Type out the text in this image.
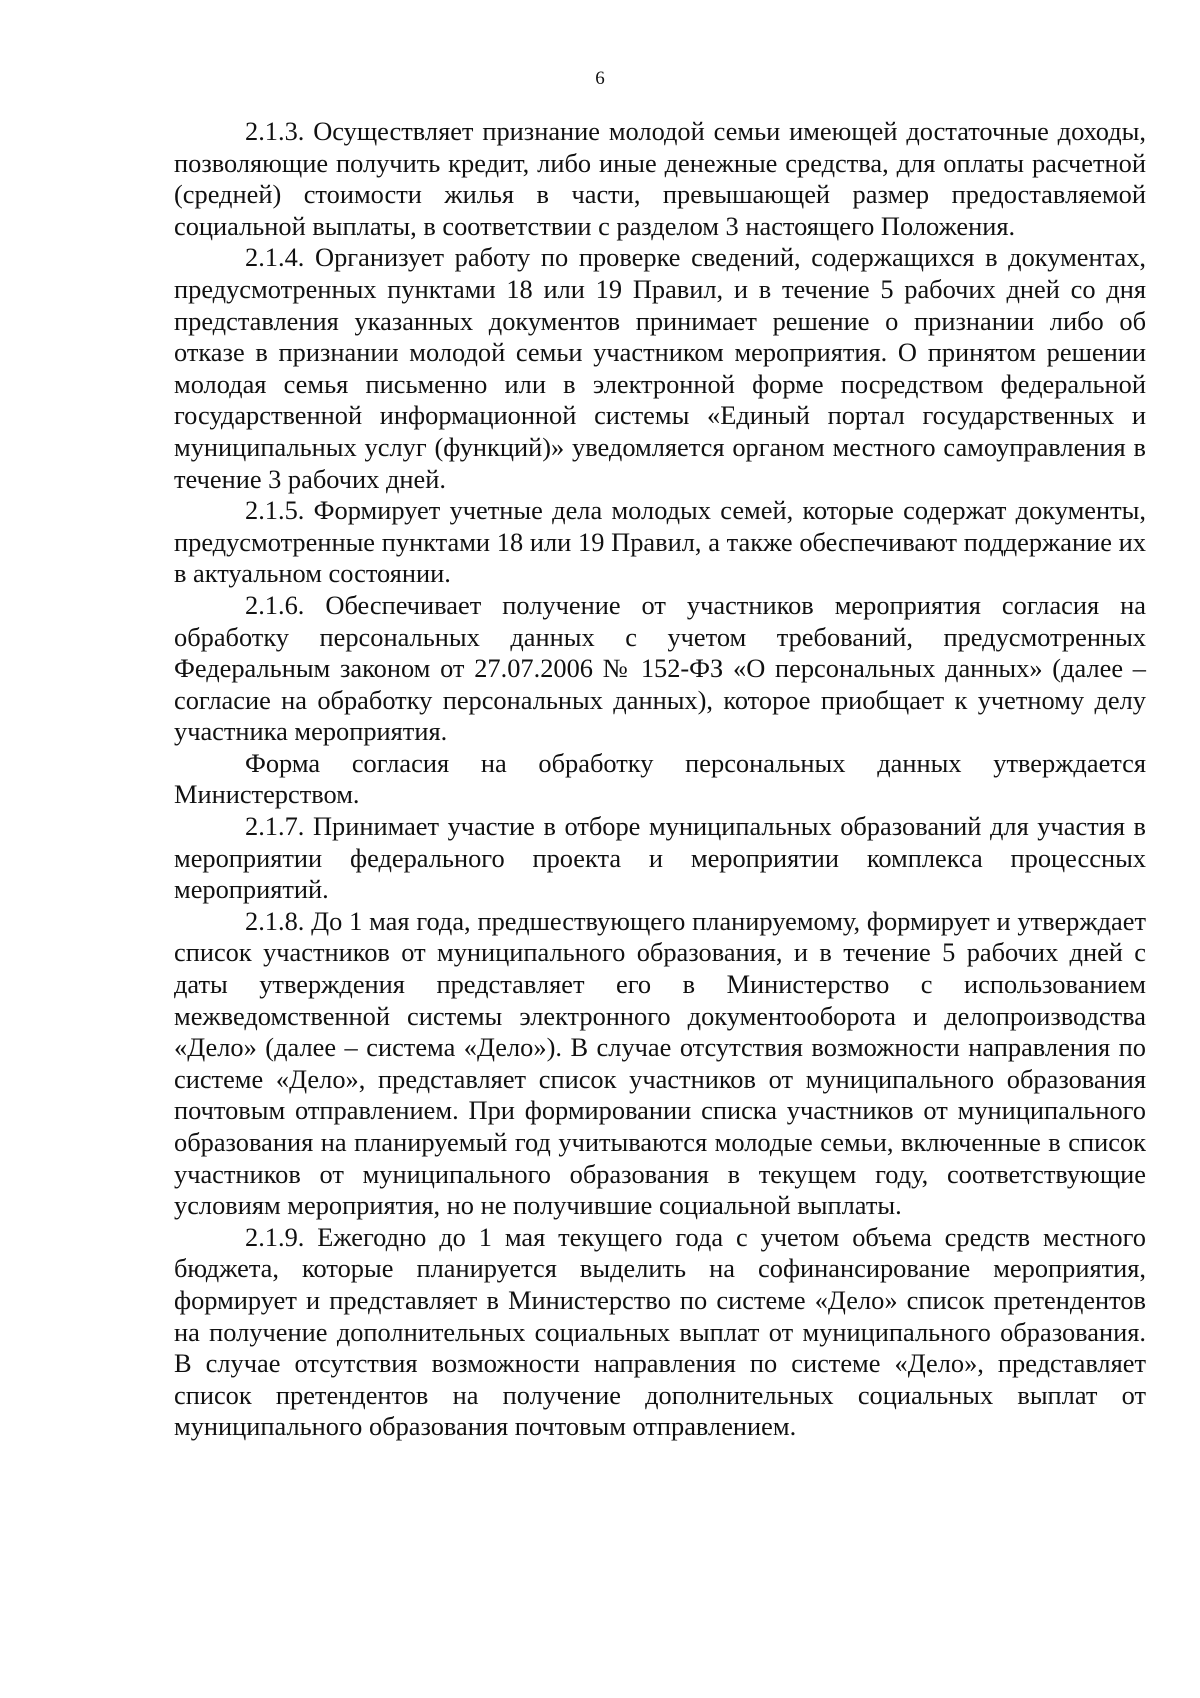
6

2.1.3. Осуществляет признание молодой семьи имеющей достаточные доходы, позволяющие получить кредит, либо иные денежные средства, для оплаты расчетной (средней) стоимости жилья в части, превышающей размер предоставляемой социальной выплаты, в соответствии с разделом 3 настоящего Положения.

2.1.4. Организует работу по проверке сведений, содержащихся в документах, предусмотренных пунктами 18 или 19 Правил, и в течение 5 рабочих дней со дня представления указанных документов принимает решение о признании либо об отказе в признании молодой семьи участником мероприятия. О принятом решении молодая семья письменно или в электронной форме посредством федеральной государственной информационной системы «Единый портал государственных и муниципальных услуг (функций)» уведомляется органом местного самоуправления в течение 3 рабочих дней.

2.1.5. Формирует учетные дела молодых семей, которые содержат документы, предусмотренные пунктами 18 или 19 Правил, а также обеспечивают поддержание их в актуальном состоянии.

2.1.6. Обеспечивает получение от участников мероприятия согласия на обработку персональных данных с учетом требований, предусмотренных Федеральным законом от 27.07.2006 № 152-ФЗ «О персональных данных» (далее – согласие на обработку персональных данных), которое приобщает к учетному делу участника мероприятия.

Форма согласия на обработку персональных данных утверждается Министерством.

2.1.7. Принимает участие в отборе муниципальных образований для участия в мероприятии федерального проекта и мероприятии комплекса процессных мероприятий.

2.1.8. До 1 мая года, предшествующего планируемому, формирует и утверждает список участников от муниципального образования, и в течение 5 рабочих дней с даты утверждения представляет его в Министерство с использованием межведомственной системы электронного документооборота и делопроизводства «Дело» (далее – система «Дело»). В случае отсутствия возможности направления по системе «Дело», представляет список участников от муниципального образования почтовым отправлением. При формировании списка участников от муниципального образования на планируемый год учитываются молодые семьи, включенные в список участников от муниципального образования в текущем году, соответствующие условиям мероприятия, но не получившие социальной выплаты.

2.1.9. Ежегодно до 1 мая текущего года с учетом объема средств местного бюджета, которые планируется выделить на софинансирование мероприятия, формирует и представляет в Министерство по системе «Дело» список претендентов на получение дополнительных социальных выплат от муниципального образования. В случае отсутствия возможности направления по системе «Дело», представляет список претендентов на получение дополнительных социальных выплат от муниципального образования почтовым отправлением.
